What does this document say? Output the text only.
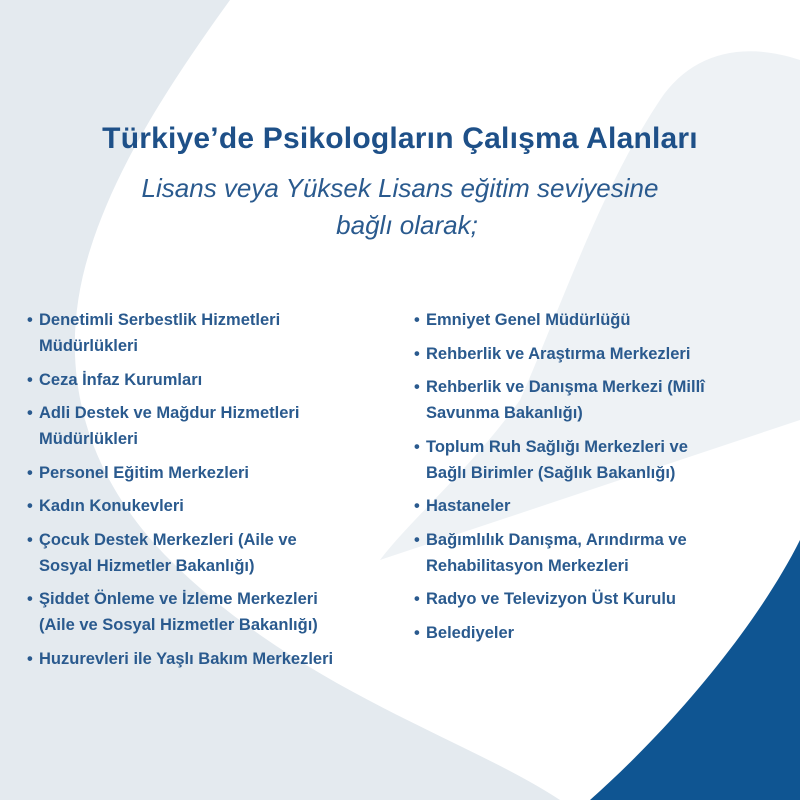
Türkiye’de Psikologların Çalışma Alanları
Lisans veya Yüksek Lisans eğitim seviyesine
bağlı olarak;
• Denetimli Serbestlik Hizmetleri
Müdürlükleri
• Ceza İnfaz Kurumları
• Adli Destek ve Mağdur Hizmetleri
Müdürlükleri
• Personel Eğitim Merkezleri
• Kadın Konukevleri
• Çocuk Destek Merkezleri (Aile ve
Sosyal Hizmetler Bakanlığı)
• Şiddet Önleme ve İzleme Merkezleri
(Aile ve Sosyal Hizmetler Bakanlığı)
• Huzurevleri ile Yaşlı Bakım Merkezleri
• Emniyet Genel Müdürlüğü
• Rehberlik ve Araştırma Merkezleri
• Rehberlik ve Danışma Merkezi (Millî
Savunma Bakanlığı)
• Toplum Ruh Sağlığı Merkezleri ve
Bağlı Birimler (Sağlık Bakanlığı)
• Hastaneler
• Bağımlılık Danışma, Arındırma ve
Rehabilitasyon Merkezleri
• Radyo ve Televizyon Üst Kurulu
• Belediyeler
